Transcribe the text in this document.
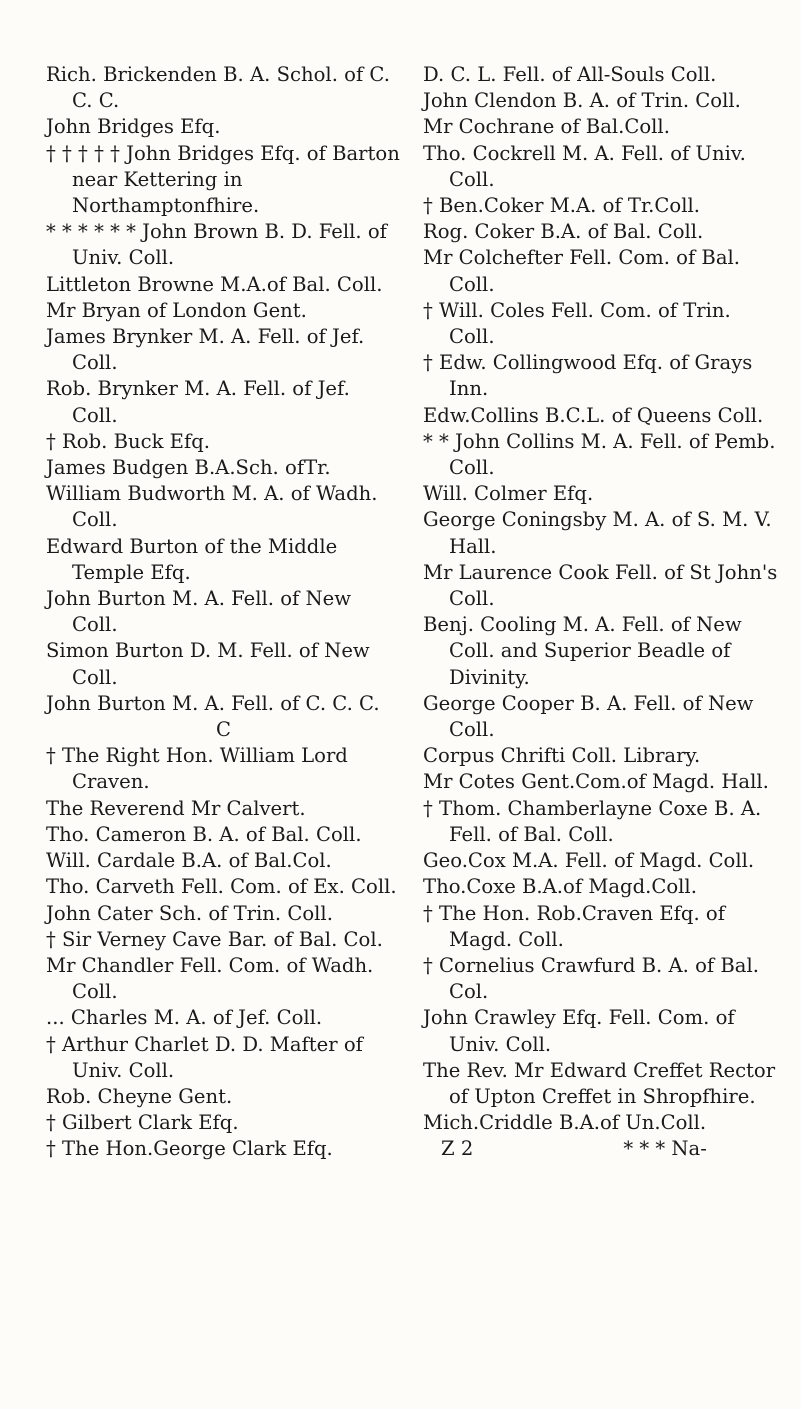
Rich. Brickenden B. A. Schol. of C. C. C.

John Bridges Efq.

† † † † † John Bridges Efq. of Barton near Kettering in Northamptonfhire.

* * * * * * John Brown B. D. Fell. of Univ. Coll.

Littleton Browne M.A.of Bal. Coll.

Mr Bryan of London Gent.

James Brynker M. A. Fell. of Jef. Coll.

Rob. Brynker M. A. Fell. of Jef. Coll.

† Rob. Buck Efq.

James Budgen B.A.Sch. ofTr.

William Budworth M. A. of Wadh. Coll.

Edward Burton of the Middle Temple Efq.

John Burton M. A. Fell. of New Coll.

Simon Burton D. M. Fell. of New Coll.

John Burton M. A. Fell. of C. C. C.

C

† The Right Hon. William Lord Craven.

The Reverend Mr Calvert.

Tho. Cameron B. A. of Bal. Coll.

Will. Cardale B.A. of Bal.Col.

Tho. Carveth Fell. Com. of Ex. Coll.

John Cater Sch. of Trin. Coll.

† Sir Verney Cave Bar. of Bal. Col.

Mr Chandler Fell. Com. of Wadh. Coll.

... Charles M. A. of Jef. Coll.

† Arthur Charlet D. D. Mafter of Univ. Coll.

Rob. Cheyne Gent.

† Gilbert Clark Efq.

† The Hon.George Clark Efq.

D. C. L. Fell. of All-Souls Coll.

John Clendon B. A. of Trin. Coll.

Mr Cochrane of Bal.Coll.

Tho. Cockrell M. A. Fell. of Univ. Coll.

† Ben.Coker M.A. of Tr.Coll.

Rog. Coker B.A. of Bal. Coll.

Mr Colchefter Fell. Com. of Bal. Coll.

† Will. Coles Fell. Com. of Trin. Coll.

† Edw. Collingwood Efq. of Grays Inn.

Edw.Collins B.C.L. of Queens Coll.

* * John Collins M. A. Fell. of Pemb. Coll.

Will. Colmer Efq.

George Coningsby M. A. of S. M. V. Hall.

Mr Laurence Cook Fell. of St John's Coll.

Benj. Cooling M. A. Fell. of New Coll. and Superior Beadle of Divinity.

George Cooper B. A. Fell. of New Coll.

Corpus Chrifti Coll. Library.

Mr Cotes Gent.Com.of Magd. Hall.

† Thom. Chamberlayne Coxe B. A. Fell. of Bal. Coll.

Geo.Cox M.A. Fell. of Magd. Coll.

Tho.Coxe B.A.of Magd.Coll.

† The Hon. Rob.Craven Efq. of Magd. Coll.

† Cornelius Crawfurd B. A. of Bal. Col.

John Crawley Efq. Fell. Com. of Univ. Coll.

The Rev. Mr Edward Creffet Rector of Upton Creffet in Shropfhire.

Mich.Criddle B.A.of Un.Coll.

Z 2	* * * Na-
